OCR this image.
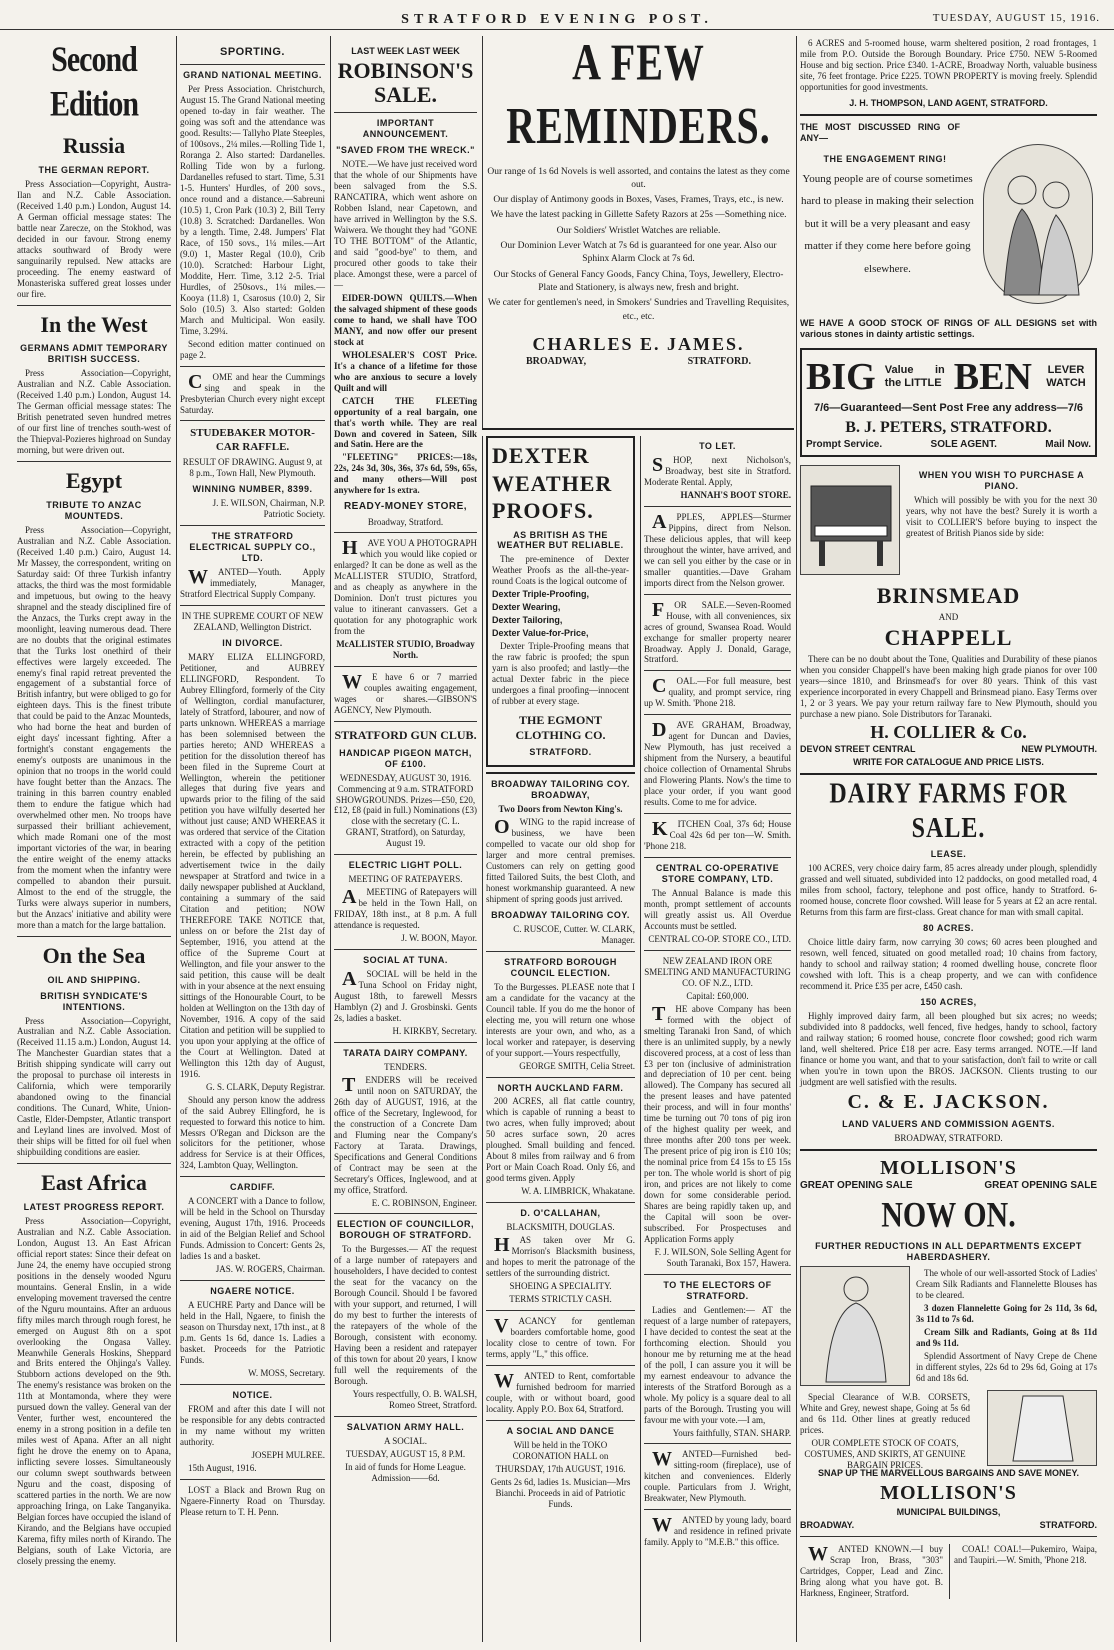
STRATFORD EVENING POST.	TUESDAY, AUGUST 15, 1916.
Second Edition
Russia
THE GERMAN REPORT.

Press Association—Copyright, Austra-Ilan and N.Z. Cable Association. (Received 1.40 p.m.) London, August 14. A German official message states: The battle near Zarecze, on the Stokhod, was decided in our favour. Strong enemy attacks southward of Brody were sanguinarily repulsed. New attacks are proceeding. The enemy eastward of Monasteriska suffered great losses under our fire.

In the West
GERMANS ADMIT TEMPORARY BRITISH SUCCESS.

Press Association—Copyright, Australian and N.Z. Cable Association. (Received 1.40 p.m.) London, August 14. The German official message states: The British penetrated seven hundred metres of our first line of trenches south-west of the Thiepval-Pozieres highroad on Sunday morning, but were driven out.

Egypt
TRIBUTE TO ANZAC MOUNTEDS.

Press Association—Copyright, Australian and N.Z. Cable Association. (Received 1.40 p.m.) Cairo, August 14. Mr Massey, the correspondent, writing on Saturday said: Of three Turkish infantry attacks, the third was the most formidable and impetuous, but owing to the heavy shrapnel and the steady disciplined fire of the Anzacs, the Turks crept away in the moonlight, leaving numerous dead. There are no doubts that the original estimates that the Turks lost onethird of their effectives were largely exceeded. The enemy's final rapid retreat prevented the engagement of a substantial force of British infantry, but were obliged to go for eighteen days. This is the finest tribute that could be paid to the Anzac Mounteds, who had borne the heat and burden of eight days' incessant fighting. After a fortnight's constant engagements the enemy's outposts are unanimous in the opinion that no troops in the world could have fought better than the Anzacs. The training in this barren country enabled them to endure the fatigue which had overwhelmed other men. No troops have surpassed their brilliant achievement, which made Romani one of the most important victories of the war, in bearing the entire weight of the enemy attacks from the moment when the infantry were compelled to abandon their pursuit. Almost to the end of the struggle, the Turks were always superior in numbers, but the Anzacs' initiative and ability were more than a match for the large battalion.

On the Sea
OIL AND SHIPPING.
BRITISH SYNDICATE'S INTENTIONS.

Press Association—Copyright, Australian and N.Z. Cable Association. (Received 11.15 a.m.) London, August 14. The Manchester Guardian states that a British shipping syndicate will carry out the proposal to purchase oil interests in California, which were temporarily abandoned owing to the financial conditions. The Cunard, White, Union-Castle, Elder-Dempster, Atlantic transport and Leyland lines are involved. Most of their ships will be fitted for oil fuel when shipbuilding conditions are easier.

East Africa
LATEST PROGRESS REPORT.

Press Association—Copyright, Australian and N.Z. Cable Association. London, August 13. An East African official report states: Since their defeat on June 24, the enemy have occupied strong positions in the densely wooded Nguru mountains. General Enslin, in a wide enveloping movement traversed the centre of the Nguru mountains. After an arduous fifty miles march through rough forest, he emerged on August 8th on a spot overlooking the Ongasa Valley. Meanwhile Generals Hoskins, Sheppard and Brits entered the Ohjinga's Valley. Stubborn actions developed on the 9th. The enemy's resistance was broken on the 11th at Montamonda, where they were pursued down the valley. General van der Venter, further west, encountered the enemy in a strong position in a defile ten miles west of Apana. After an all night fight he drove the enemy on to Apana, inflicting severe losses. Simultaneously our column swept southwards between Nguru and the coast, disposing of scattered parties in the north. We are now approaching Iringa, on Lake Tanganyika. Belgian forces have occupied the island of Kirando, and the Belgians have occupied Karema, fifty miles north of Kirando. The Belgians, south of Lake Victoria, are closely pressing the enemy.

SPORTING.
GRAND NATIONAL MEETING.

Per Press Association. Christchurch, August 15. The Grand National meeting opened to-day in fair weather. The going was soft and the attendance was good. Results:— Tallyho Plate Steeples, of 100sovs., 2¼ miles.—Rolling Tide 1, Roranga 2. Also started: Dardanelles. Rolling Tide won by a furlong. Dardanelles refused to start. Time, 5.31 1-5. Hunters' Hurdles, of 200 sovs., once round and a distance.—Sabreuni (10.5) 1, Cron Park (10.3) 2, Bill Terry (10.8) 3. Scratched: Dardanelles. Won by a length. Time, 2.48. Jumpers' Flat Race, of 150 sovs., 1¼ miles.—Art (9.0) 1, Master Regal (10.0), Crib (10.0). Scratched: Harbour Light, Moddite, Herr. Time, 3.12 2-5. Trial Hurdles, of 250sovs., 1¼ miles.—Kooya (11.8) 1, Csarosus (10.0) 2, Sir Solo (10.5) 3. Also started: Golden March and Multicipal. Won easily. Time, 3.29¼.

Second edition matter continued on page 2.

COME and hear the Cummings sing and speak in the Presbyterian Church every night except Saturday.

STUDEBAKER MOTOR-CAR RAFFLE.

RESULT OF DRAWING. August 9, at 8 p.m., Town Hall, New Plymouth.

WINNING NUMBER, 8399.

J. E. WILSON, Chairman, N.P. Patriotic Society.

THE STRATFORD ELECTRICAL SUPPLY CO., LTD.

WANTED—Youth. Apply immediately, Manager, Stratford Electrical Supply Company.

IN THE SUPREME COURT OF NEW ZEALAND, Wellington District.

IN DIVORCE.

MARY ELIZA ELLINGFORD, Petitioner, and AUBREY ELLINGFORD, Respondent. To Aubrey Ellingford, formerly of the City of Wellington, cordial manufacturer, lately of Stratford, labourer, and now of parts unknown. WHEREAS a marriage has been solemnised between the parties hereto; AND WHEREAS a petition for the dissolution thereof has been filed in the Supreme Court at Wellington, wherein the petitioner alleges that during five years and upwards prior to the filing of the said petition you have wilfully deserted her without just cause; AND WHEREAS it was ordered that service of the Citation extracted with a copy of the petition herein, be effected by publishing an advertisement twice in the daily newspaper at Stratford and twice in a daily newspaper published at Auckland, containing a summary of the said Citation and petition; NOW THEREFORE TAKE NOTICE that, unless on or before the 21st day of September, 1916, you attend at the office of the Supreme Court at Wellington, and file your answer to the said petition, this cause will be dealt with in your absence at the next ensuing sittings of the Honourable Court, to be holden at Wellington on the 13th day of November, 1916. A copy of the said Citation and petition will be supplied to you upon your applying at the office of the Court at Wellington. Dated at Wellington this 12th day of August, 1916.

G. S. CLARK, Deputy Registrar.

Should any person know the address of the said Aubrey Ellingford, he is requested to forward this notice to him. Messrs O'Regan and Dickson are the solicitors for the petitioner, whose address for Service is at their Offices, 324, Lambton Quay, Wellington.

CARDIFF.

A CONCERT with a Dance to follow, will be held in the School on Thursday evening, August 17th, 1916. Proceeds in aid of the Belgian Relief and School Funds. Admission to Concert: Gents 2s, ladies 1s and a basket.

JAS. W. ROGERS, Chairman.

NGAERE NOTICE.

A EUCHRE Party and Dance will be held in the Hall, Ngaere, to finish the season on Thursday next, 17th inst., at 8 p.m. Gents 1s 6d, dance 1s. Ladies a basket. Proceeds for the Patriotic Funds.

W. MOSS, Secretary.

NOTICE.

FROM and after this date I will not be responsible for any debts contracted in my name without my written authority.

JOSEPH MULREE.

15th August, 1916.

LOST a Black and Brown Rug on Ngaere-Finnerty Road on Thursday. Please return to T. H. Penn.

LAST WEEK LAST WEEK

ROBINSON'S SALE.
IMPORTANT ANNOUNCEMENT.
"SAVED FROM THE WRECK."

NOTE.—We have just received word that the whole of our Shipments have been salvaged from the S.S. RANCATIRA, which went ashore on Robben Island, near Capetown, and have arrived in Wellington by the S.S. Waiwera. We thought they had "GONE TO THE BOTTOM" of the Atlantic, and said "good-bye" to them, and procured other goods to take their place. Amongst these, were a parcel of—

EIDER-DOWN QUILTS.—When the salvaged shipment of these goods come to hand, we shall have TOO MANY, and now offer our present stock at

WHOLESALER'S COST Price. It's a chance of a lifetime for those who are anxious to secure a lovely Quilt and will

CATCH THE FLEETing opportunity of a real bargain, one that's worth while. They are real Down and covered in Sateen, Silk and Satin. Here are the

"FLEETING" PRICES:—18s, 22s, 24s 3d, 30s, 36s, 37s 6d, 59s, 65s, and many others—Will post anywhere for 1s extra.

READY-MONEY STORE,

Broadway, Stratford.

HAVE YOU A PHOTOGRAPH which you would like copied or enlarged? It can be done as well as the McALLISTER STUDIO, Stratford, and as cheaply as anywhere in the Dominion. Don't trust pictures you value to itinerant canvassers. Get a quotation for any photographic work from the

McALLISTER STUDIO, Broadway North.

WE have 6 or 7 married couples awaiting engagement, wages or shares.—GIBSON'S AGENCY, New Plymouth.

STRATFORD GUN CLUB.
HANDICAP PIGEON MATCH, OF £100.

WEDNESDAY, AUGUST 30, 1916. Commencing at 9 a.m. STRATFORD SHOWGROUNDS. Prizes—£50, £20, £12, £8 (paid in full.) Nominations (£3) close with the secretary (C. L. GRANT, Stratford), on Saturday, August 19.

ELECTRIC LIGHT POLL.

MEETING OF RATEPAYERS.

AMEETING of Ratepayers will be held in the Town Hall, on FRIDAY, 18th inst., at 8 p.m. A full attendance is requested.

J. W. BOON, Mayor.

SOCIAL AT TUNA.

ASOCIAL will be held in the Tuna School on Friday night, August 18th, to farewell Messrs Hamblyn (2) and J. Grosbinski. Gents 2s, ladies a basket.

H. KIRKBY, Secretary.

TARATA DAIRY COMPANY.

TENDERS.

TENDERS will be received until noon on SATURDAY, the 26th day of AUGUST, 1916, at the office of the Secretary, Inglewood, for the construction of a Concrete Dam and Fluming near the Company's Factory at Tarata. Drawings, Specifications and General Conditions of Contract may be seen at the Secretary's Offices, Inglewood, and at my office, Stratford.

E. C. ROBINSON, Engineer.

ELECTION OF COUNCILLOR, BOROUGH OF STRATFORD.

To the Burgesses.— AT the request of a large number of ratepayers and householders, I have decided to contest the seat for the vacancy on the Borough Council. Should I be favored with your support, and returned, I will do my best to further the interests of the ratepayers of the whole of the Borough, consistent with economy. Having been a resident and ratepayer of this town for about 20 years, I know full well the requirements of the Borough.

Yours respectfully, O. B. WALSH, Romeo Street, Stratford.

SALVATION ARMY HALL.

A SOCIAL.

TUESDAY, AUGUST 15, 8 P.M.

In aid of funds for Home League. Admission——6d.

A FEW REMINDERS.

Our range of 1s 6d Novels is well assorted, and contains the latest as they come out.

Our display of Antimony goods in Boxes, Vases, Frames, Trays, etc., is new.

We have the latest packing in Gillette Safety Razors at 25s —Something nice.

Our Soldiers' Wristlet Watches are reliable.

Our Dominion Lever Watch at 7s 6d is guaranteed for one year. Also our Sphinx Alarm Clock at 7s 6d.

Our Stocks of General Fancy Goods, Fancy China, Toys, Jewellery, Electro-Plate and Stationery, is always new, fresh and bright.

We cater for gentlemen's need, in Smokers' Sundries and Travelling Requisites, etc., etc.

CHARLES E. JAMES.
BROADWAY,	STRATFORD.
DEXTER WEATHER PROOFS.
AS BRITISH AS THE WEATHER BUT RELIABLE.

The pre-eminence of Dexter Weather Proofs as the all-the-year-round Coats is the logical outcome of

Dexter Triple-Proofing,

Dexter Wearing,

Dexter Tailoring,

Dexter Value-for-Price,

Dexter Triple-Proofing means that the raw fabric is proofed; the spun yarn is also proofed; and lastly—the actual Dexter fabric in the piece undergoes a final proofing—innocent of rubber at every stage.

THE EGMONT CLOTHING CO.
STRATFORD.
BROADWAY TAILORING COY. BROADWAY,

Two Doors from Newton King's.

OWING to the rapid increase of business, we have been compelled to vacate our old shop for larger and more central premises. Customers can rely on getting good fitted Tailored Suits, the best Cloth, and honest workmanship guaranteed. A new shipment of spring goods just arrived.

BROADWAY TAILORING COY.

C. RUSCOE, Cutter. W. CLARK, Manager.

STRATFORD BOROUGH COUNCIL ELECTION.

To the Burgesses. PLEASE note that I am a candidate for the vacancy at the Council table. If you do me the honor of electing me, you will return one whose interests are your own, and who, as a local worker and ratepayer, is deserving of your support.—Yours respectfully,

GEORGE SMITH, Celia Street.

NORTH AUCKLAND FARM.

200 ACRES, all flat cattle country, which is capable of running a beast to two acres, when fully improved; about 50 acres surface sown, 20 acres ploughed. Small building and fenced. About 8 miles from railway and 6 from Port or Main Coach Road. Only £6, and good terms given. Apply

W. A. LIMBRICK, Whakatane.

D. O'CALLAHAN,

BLACKSMITH, DOUGLAS.

HAS taken over Mr G. Morrison's Blacksmith business, and hopes to merit the patronage of the settlers of the surrounding district.

SHOEING A SPECIALITY.

TERMS STRICTLY CASH.

VACANCY for gentleman boarders comfortable home, good locality close to centre of town. For terms, apply "L," this office.

WANTED to Rent, comfortable furnished bedroom for married couple, with or without board, good locality. Apply P.O. Box 64, Stratford.

A SOCIAL AND DANCE

Will be held in the TOKO CORONATION HALL on

THURSDAY, 17th AUGUST, 1916.

Gents 2s 6d, ladies 1s. Musician—Mrs Bianchi. Proceeds in aid of Patriotic Funds.

TO LET.

SHOP, next Nicholson's, Broadway, best site in Stratford. Moderate Rental. Apply,

HANNAH'S BOOT STORE.

APPLES, APPLES—Sturmer Pippins, direct from Nelson. These delicious apples, that will keep throughout the winter, have arrived, and we can sell you either by the case or in smaller quantities.—Dave Graham imports direct from the Nelson grower.

FOR SALE.—Seven-Roomed House, with all conveniences, six acres of ground, Swansea Road. Would exchange for smaller property nearer Broadway. Apply J. Donald, Garage, Stratford.

COAL.—For full measure, best quality, and prompt service, ring up W. Smith. 'Phone 218.

DAVE GRAHAM, Broadway, agent for Duncan and Davies, New Plymouth, has just received a shipment from the Nursery, a beautiful choice collection of Ornamental Shrubs and Flowering Plants. Now's the time to place your order, if you want good results. Come to me for advice.

KITCHEN Coal, 37s 6d; House Coal 42s 6d per ton—W. Smith. 'Phone 218.

CENTRAL CO-OPERATIVE STORE COMPANY, LTD.

The Annual Balance is made this month, prompt settlement of accounts will greatly assist us. All Overdue Accounts must be settled.

CENTRAL CO-OP. STORE CO., LTD.

NEW ZEALAND IRON ORE SMELTING AND MANUFACTURING CO. OF N.Z., LTD.

Capital: £60,000.

THE above Company has been formed with the object of smelting Taranaki Iron Sand, of which there is an unlimited supply, by a newly discovered process, at a cost of less than £3 per ton (inclusive of administration and depreciation of 10 per cent. being allowed). The Company has secured all the present leases and have patented their process, and will in four months' time be turning out 70 tons of pig iron of the highest quality per week, and three months after 200 tons per week. The present price of pig iron is £10 10s; the nominal price from £4 15s to £5 15s per ton. The whole world is short of pig iron, and prices are not likely to come down for some considerable period. Shares are being rapidly taken up, and the Capital will soon be over-subscribed. For Prospectuses and Application Forms apply

F. J. WILSON, Sole Selling Agent for South Taranaki, Box 157, Hawera.

TO THE ELECTORS OF STRATFORD.

Ladies and Gentlemen:— AT the request of a large number of ratepayers, I have decided to contest the seat at the forthcoming election. Should you honour me by returning me at the head of the poll, I can assure you it will be my earnest endeavour to advance the interests of the Stratford Borough as a whole. My policy is a square deal to all parts of the Borough. Trusting you will favour me with your vote.—I am,

Yours faithfully, STAN. SHARP.

WANTED—Furnished bed-sitting-room (fireplace), use of kitchen and conveniences. Elderly couple. Particulars from J. Wright, Breakwater, New Plymouth.

WANTED by young lady, board and residence in refined private family. Apply to "M.E.B." this office.

6 ACRES and 5-roomed house, warm sheltered position, 2 road frontages, 1 mile from P.O. Outside the Borough Boundary. Price £750. NEW 5-Roomed House and big section. Price £340. 1-ACRE, Broadway North, valuable business site, 76 feet frontage. Price £225. TOWN PROPERTY is moving freely. Splendid opportunities for good investments.

J. H. THOMPSON, LAND AGENT, STRATFORD.

THE MOST DISCUSSED RING OF ANY—

THE ENGAGEMENT RING!

Young people are of course sometimes hard to please in making their selection but it will be a very pleasant and easy matter if they come here before going elsewhere.

WE HAVE A GOOD STOCK OF RINGS OF ALL DESIGNS set with various stones in dainty artistic settings.

BIG Value in the LITTLE BEN	LEVER WATCH

7/6—Guaranteed—Sent Post Free any address—7/6

B. J. PETERS, STRATFORD.

Prompt Service.	SOLE AGENT.	Mail Now.
WHEN YOU WISH TO PURCHASE A PIANO.

Which will possibly be with you for the next 30 years, why not have the best? Surely it is worth a visit to COLLIER'S before buying to inspect the greatest of British Pianos side by side:

BRINSMEAD

AND

CHAPPELL

There can be no doubt about the Tone, Qualities and Durability of these pianos when you consider Chappell's have been making high grade pianos for over 100 years—since 1810, and Brinsmead's for over 80 years. Think of this vast experience incorporated in every Chappell and Brinsmead piano. Easy Terms over 1, 2 or 3 years. We pay your return railway fare to New Plymouth, should you purchase a new piano. Sole Distributors for Taranaki.

H. COLLIER & Co.
DEVON STREET CENTRAL	NEW PLYMOUTH.

WRITE FOR CATALOGUE AND PRICE LISTS.

DAIRY FARMS FOR SALE.
LEASE.

100 ACRES, very choice dairy farm, 85 acres already under plough, splendidly grassed and well situated, subdivided into 12 paddocks, on good metalled road, 4 miles from school, factory, telephone and post office, handy to Stratford. 6-roomed house, concrete floor cowshed. Will lease for 5 years at £2 an acre rental. Returns from this farm are first-class. Great chance for man with small capital.

80 ACRES.

Choice little dairy farm, now carrying 30 cows; 60 acres been ploughed and resown, well fenced, situated on good metalled road; 10 chains from factory, handy to school and railway station; 4 roomed dwelling house, concrete floor cowshed with loft. This is a cheap property, and we can with confidence recommend it. Price £35 per acre, £450 cash.

150 ACRES,

Highly improved dairy farm, all been ploughed but six acres; no weeds; subdivided into 8 paddocks, well fenced, five hedges, handy to school, factory and railway station; 6 roomed house, concrete floor cowshed; good rich warm land, well sheltered. Price £18 per acre. Easy terms arranged. NOTE.—If land finance or home you want, and that to your satisfaction, don't fail to write or call when you're in town upon the BROS. JACKSON. Clients trusting to our judgment are well satisfied with the results.

C. & E. JACKSON.
LAND VALUERS AND COMMISSION AGENTS.

BROADWAY, STRATFORD.

MOLLISON'S
GREAT OPENING SALE	GREAT OPENING SALE
NOW ON.
FURTHER REDUCTIONS IN ALL DEPARTMENTS EXCEPT HABERDASHERY.

The whole of our well-assorted Stock of Ladies' Cream Silk Radiants and Flannelette Blouses has to be cleared.

3 dozen Flannelette Going for 2s 11d, 3s 6d, 3s 11d to 7s 6d.

Cream Silk and Radiants, Going at 8s 11d and 9s 11d.

Splendid Assortment of Navy Crepe de Chene in different styles, 22s 6d to 29s 6d, Going at 17s 6d and 18s 6d.

Special Clearance of W.B. CORSETS, White and Grey, newest shape, Going at 5s 6d and 6s 11d. Other lines at greatly reduced prices.

OUR COMPLETE STOCK OF COATS, COSTUMES, AND SKIRTS, AT GENUINE BARGAIN PRICES.

SNAP UP THE MARVELLOUS BARGAINS AND SAVE MONEY.

MOLLISON'S

MUNICIPAL BUILDINGS,

BROADWAY.	STRATFORD.

WANTED KNOWN.—I buy Scrap Iron, Brass, "303" Cartridges, Copper, Lead and Zinc. Bring along what you have got. B. Harkness, Engineer, Stratford.

COAL! COAL!—Pukemiro, Waipa, and Taupiri.—W. Smith, 'Phone 218.
